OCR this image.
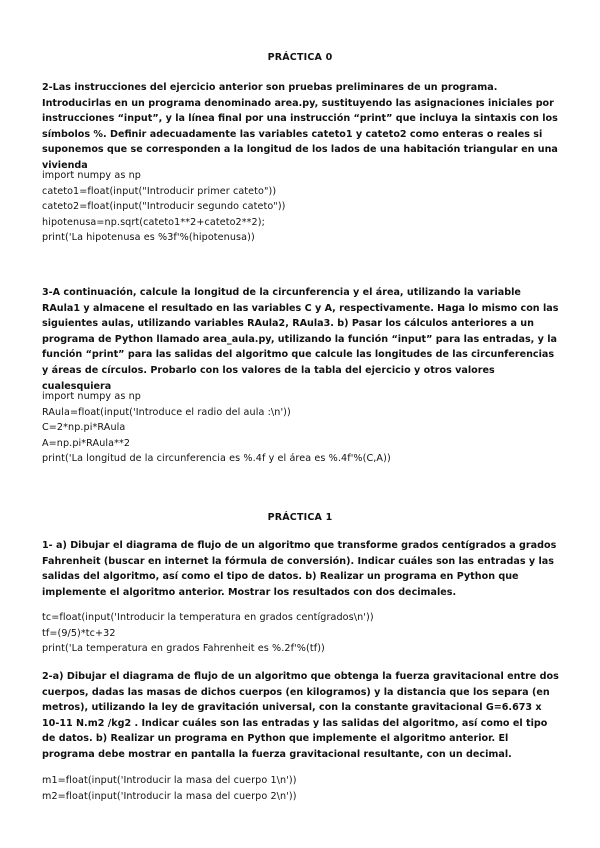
PRÁCTICA 0

2-Las instrucciones del ejercicio anterior son pruebas preliminares de un programa. Introducirlas en un programa denominado area.py, sustituyendo las asignaciones iniciales por instrucciones “input”, y la línea final por una instrucción “print” que incluya la sintaxis con los símbolos %. Definir adecuadamente las variables cateto1 y cateto2 como enteras o reales si suponemos que se corresponden a la longitud de los lados de una habitación triangular en una vivienda

import numpy as np
cateto1=float(input("Introducir primer cateto"))
cateto2=float(input("Introducir segundo cateto"))
hipotenusa=np.sqrt(cateto1**2+cateto2**2);
print('La hipotenusa es %3f'%(hipotenusa))

3-A continuación, calcule la longitud de la circunferencia y el área, utilizando la variable RAula1 y almacene el resultado en las variables C y A, respectivamente. Haga lo mismo con las siguientes aulas, utilizando variables RAula2, RAula3. b) Pasar los cálculos anteriores a un programa de Python llamado area_aula.py, utilizando la función “input” para las entradas, y la función “print” para las salidas del algoritmo que calcule las longitudes de las circunferencias y áreas de círculos. Probarlo con los valores de la tabla del ejercicio y otros valores cualesquiera

import numpy as np
RAula=float(input('Introduce el radio del aula :\n'))
C=2*np.pi*RAula
A=np.pi*RAula**2
print('La longitud de la circunferencia es %.4f y el área es %.4f'%(C,A))
PRÁCTICA 1

1- a) Dibujar el diagrama de flujo de un algoritmo que transforme grados centígrados a grados Fahrenheit (buscar en internet la fórmula de conversión). Indicar cuáles son las entradas y las salidas del algoritmo, así como el tipo de datos. b) Realizar un programa en Python que implemente el algoritmo anterior. Mostrar los resultados con dos decimales.

tc=float(input('Introducir la temperatura en grados centígrados\n'))
tf=(9/5)*tc+32
print('La temperatura en grados Fahrenheit es %.2f'%(tf))

2-a) Dibujar el diagrama de flujo de un algoritmo que obtenga la fuerza gravitacional entre dos cuerpos, dadas las masas de dichos cuerpos (en kilogramos) y la distancia que los separa (en metros), utilizando la ley de gravitación universal, con la constante gravitacional G=6.673 x 10-11 N.m2 /kg2 . Indicar cuáles son las entradas y las salidas del algoritmo, así como el tipo de datos. b) Realizar un programa en Python que implemente el algoritmo anterior. El programa debe mostrar en pantalla la fuerza gravitacional resultante, con un decimal.

m1=float(input('Introducir la masa del cuerpo 1\n'))
m2=float(input('Introducir la masa del cuerpo 2\n'))
